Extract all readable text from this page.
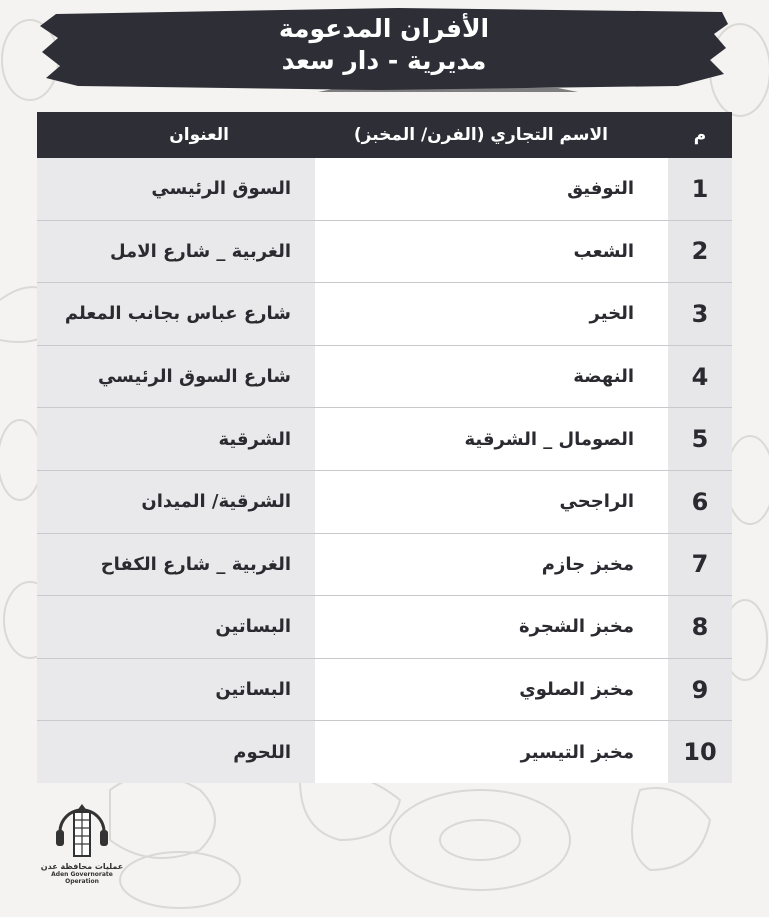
الأفران المدعومة
مديرية - دار سعد
م
الاسم التجاري (الفرن/ المخبز)
العنوان
1
التوفيق
السوق الرئيسي
2
الشعب
الغربية _ شارع الامل
3
الخير
شارع عباس بجانب المعلم
4
النهضة
شارع السوق الرئيسي
5
الصومال _ الشرقية
الشرقية
6
الراجحي
الشرقية/ الميدان
7
مخبز جازم
الغربية _ شارع الكفاح
8
مخبز الشجرة
البساتين
9
مخبز الصلوي
البساتين
10
مخبز التيسير
اللحوم
عمليات محافظة عدن
Aden Governorate Operation
